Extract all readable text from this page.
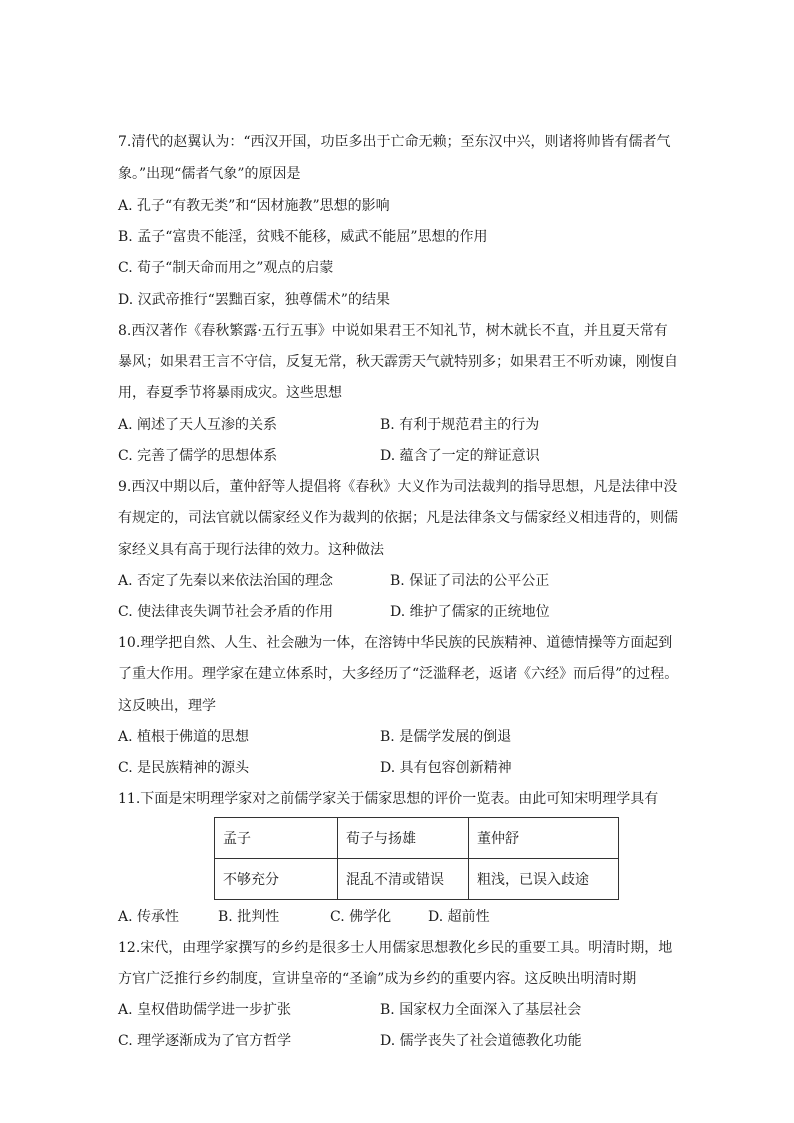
7.清代的赵翼认为：“西汉开国，功臣多出于亡命无赖；至东汉中兴，则诸将帅皆有儒者气
象。”出现“儒者气象”的原因是
A. 孔子“有教无类”和“因材施教”思想的影响
B. 孟子“富贵不能淫，贫贱不能移，威武不能屈”思想的作用
C. 荀子“制天命而用之”观点的启蒙
D. 汉武帝推行“罢黜百家，独尊儒术”的结果
8.西汉著作《春秋繁露·五行五事》中说如果君王不知礼节，树木就长不直，并且夏天常有
暴风；如果君王言不守信，反复无常，秋天霹雳天气就特别多；如果君王不听劝谏，刚愎自
用，春夏季节将暴雨成灾。这些思想
A. 阐述了天人互渗的关系	B. 有利于规范君主的行为
C. 完善了儒学的思想体系	D. 蕴含了一定的辩证意识
9.西汉中期以后，董仲舒等人提倡将《春秋》大义作为司法裁判的指导思想，凡是法律中没
有规定的，司法官就以儒家经义作为裁判的依据；凡是法律条文与儒家经义相违背的，则儒
家经义具有高于现行法律的效力。这种做法
A. 否定了先秦以来依法治国的理念	B. 保证了司法的公平公正
C. 使法律丧失调节社会矛盾的作用	D. 维护了儒家的正统地位
10.理学把自然、人生、社会融为一体，在溶铸中华民族的民族精神、道德情操等方面起到
了重大作用。理学家在建立体系时，大多经历了“泛滥释老，返诸《六经》而后得”的过程。
这反映出，理学
A. 植根于佛道的思想	B. 是儒学发展的倒退
C. 是民族精神的源头	D. 具有包容创新精神
11.下面是宋明理学家对之前儒学家关于儒家思想的评价一览表。由此可知宋明理学具有
孟子	荀子与扬雄	董仲舒
不够充分	混乱不清或错误	粗浅，已误入歧途
A. 传承性	B. 批判性	C. 佛学化	D. 超前性
12.宋代，由理学家撰写的乡约是很多士人用儒家思想教化乡民的重要工具。明清时期，地
方官广泛推行乡约制度，宣讲皇帝的“圣谕”成为乡约的重要内容。这反映出明清时期
A. 皇权借助儒学进一步扩张	B. 国家权力全面深入了基层社会
C. 理学逐渐成为了官方哲学	D. 儒学丧失了社会道德教化功能
